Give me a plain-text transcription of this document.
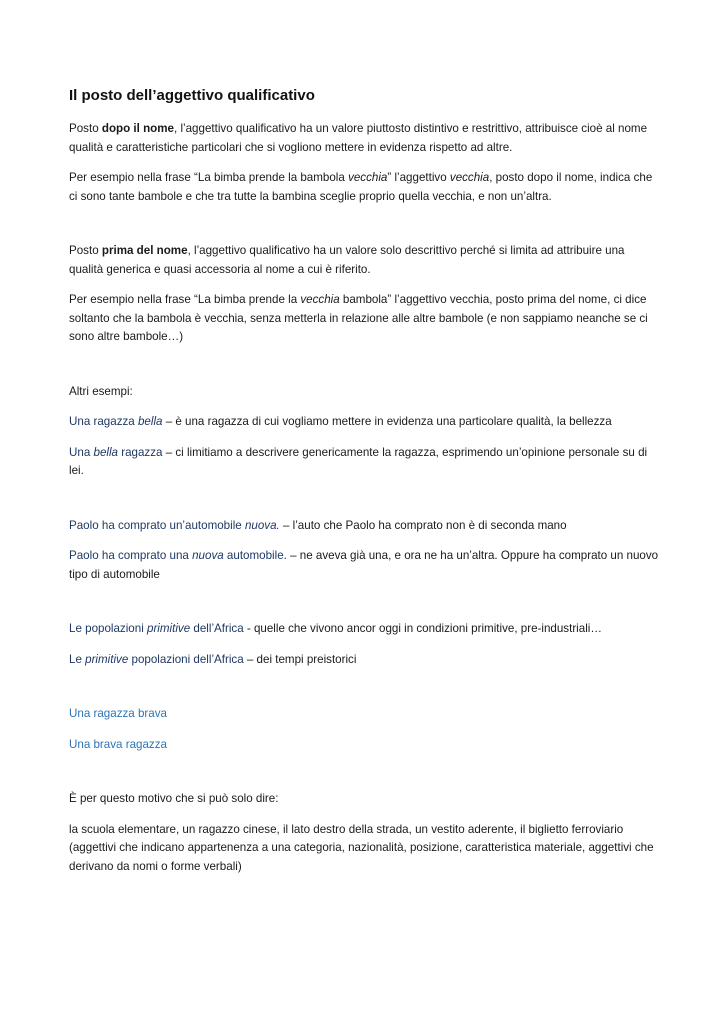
Il posto dell’aggettivo qualificativo

Posto dopo il nome, l’aggettivo qualificativo ha un valore piuttosto distintivo e restrittivo, attribuisce cioè al nome qualità e caratteristiche particolari che si vogliono mettere in evidenza rispetto ad altre.

Per esempio nella frase “La bimba prende la bambola vecchia” l’aggettivo vecchia, posto dopo il nome, indica che ci sono tante bambole e che tra tutte la bambina sceglie proprio quella vecchia, e non un’altra.

Posto prima del nome, l’aggettivo qualificativo ha un valore solo descrittivo perché si limita ad attribuire una qualità generica e quasi accessoria al nome a cui è riferito.

Per esempio nella frase “La bimba prende la vecchia bambola” l’aggettivo vecchia, posto prima del nome, ci dice soltanto che la bambola è vecchia, senza metterla in relazione alle altre bambole (e non sappiamo neanche se ci sono altre bambole…)

Altri esempi:

Una ragazza bella – è una ragazza di cui vogliamo mettere in evidenza una particolare qualità, la bellezza

Una bella ragazza – ci limitiamo a descrivere genericamente la ragazza, esprimendo un’opinione personale su di lei.

Paolo ha comprato un’automobile nuova. – l’auto che Paolo ha comprato non è di seconda mano

Paolo ha comprato una nuova automobile. – ne aveva già una, e ora ne ha un’altra. Oppure ha comprato un nuovo tipo di automobile

Le popolazioni primitive dell’Africa - quelle che vivono ancor oggi in condizioni primitive, pre-industriali…

Le primitive popolazioni dell’Africa – dei tempi preistorici

Una ragazza brava

Una brava ragazza

È per questo motivo che si può solo dire:

la scuola elementare, un ragazzo cinese, il lato destro della strada, un vestito aderente, il biglietto ferroviario (aggettivi che indicano appartenenza a una categoria, nazionalità, posizione, caratteristica materiale, aggettivi che derivano da nomi o forme verbali)
